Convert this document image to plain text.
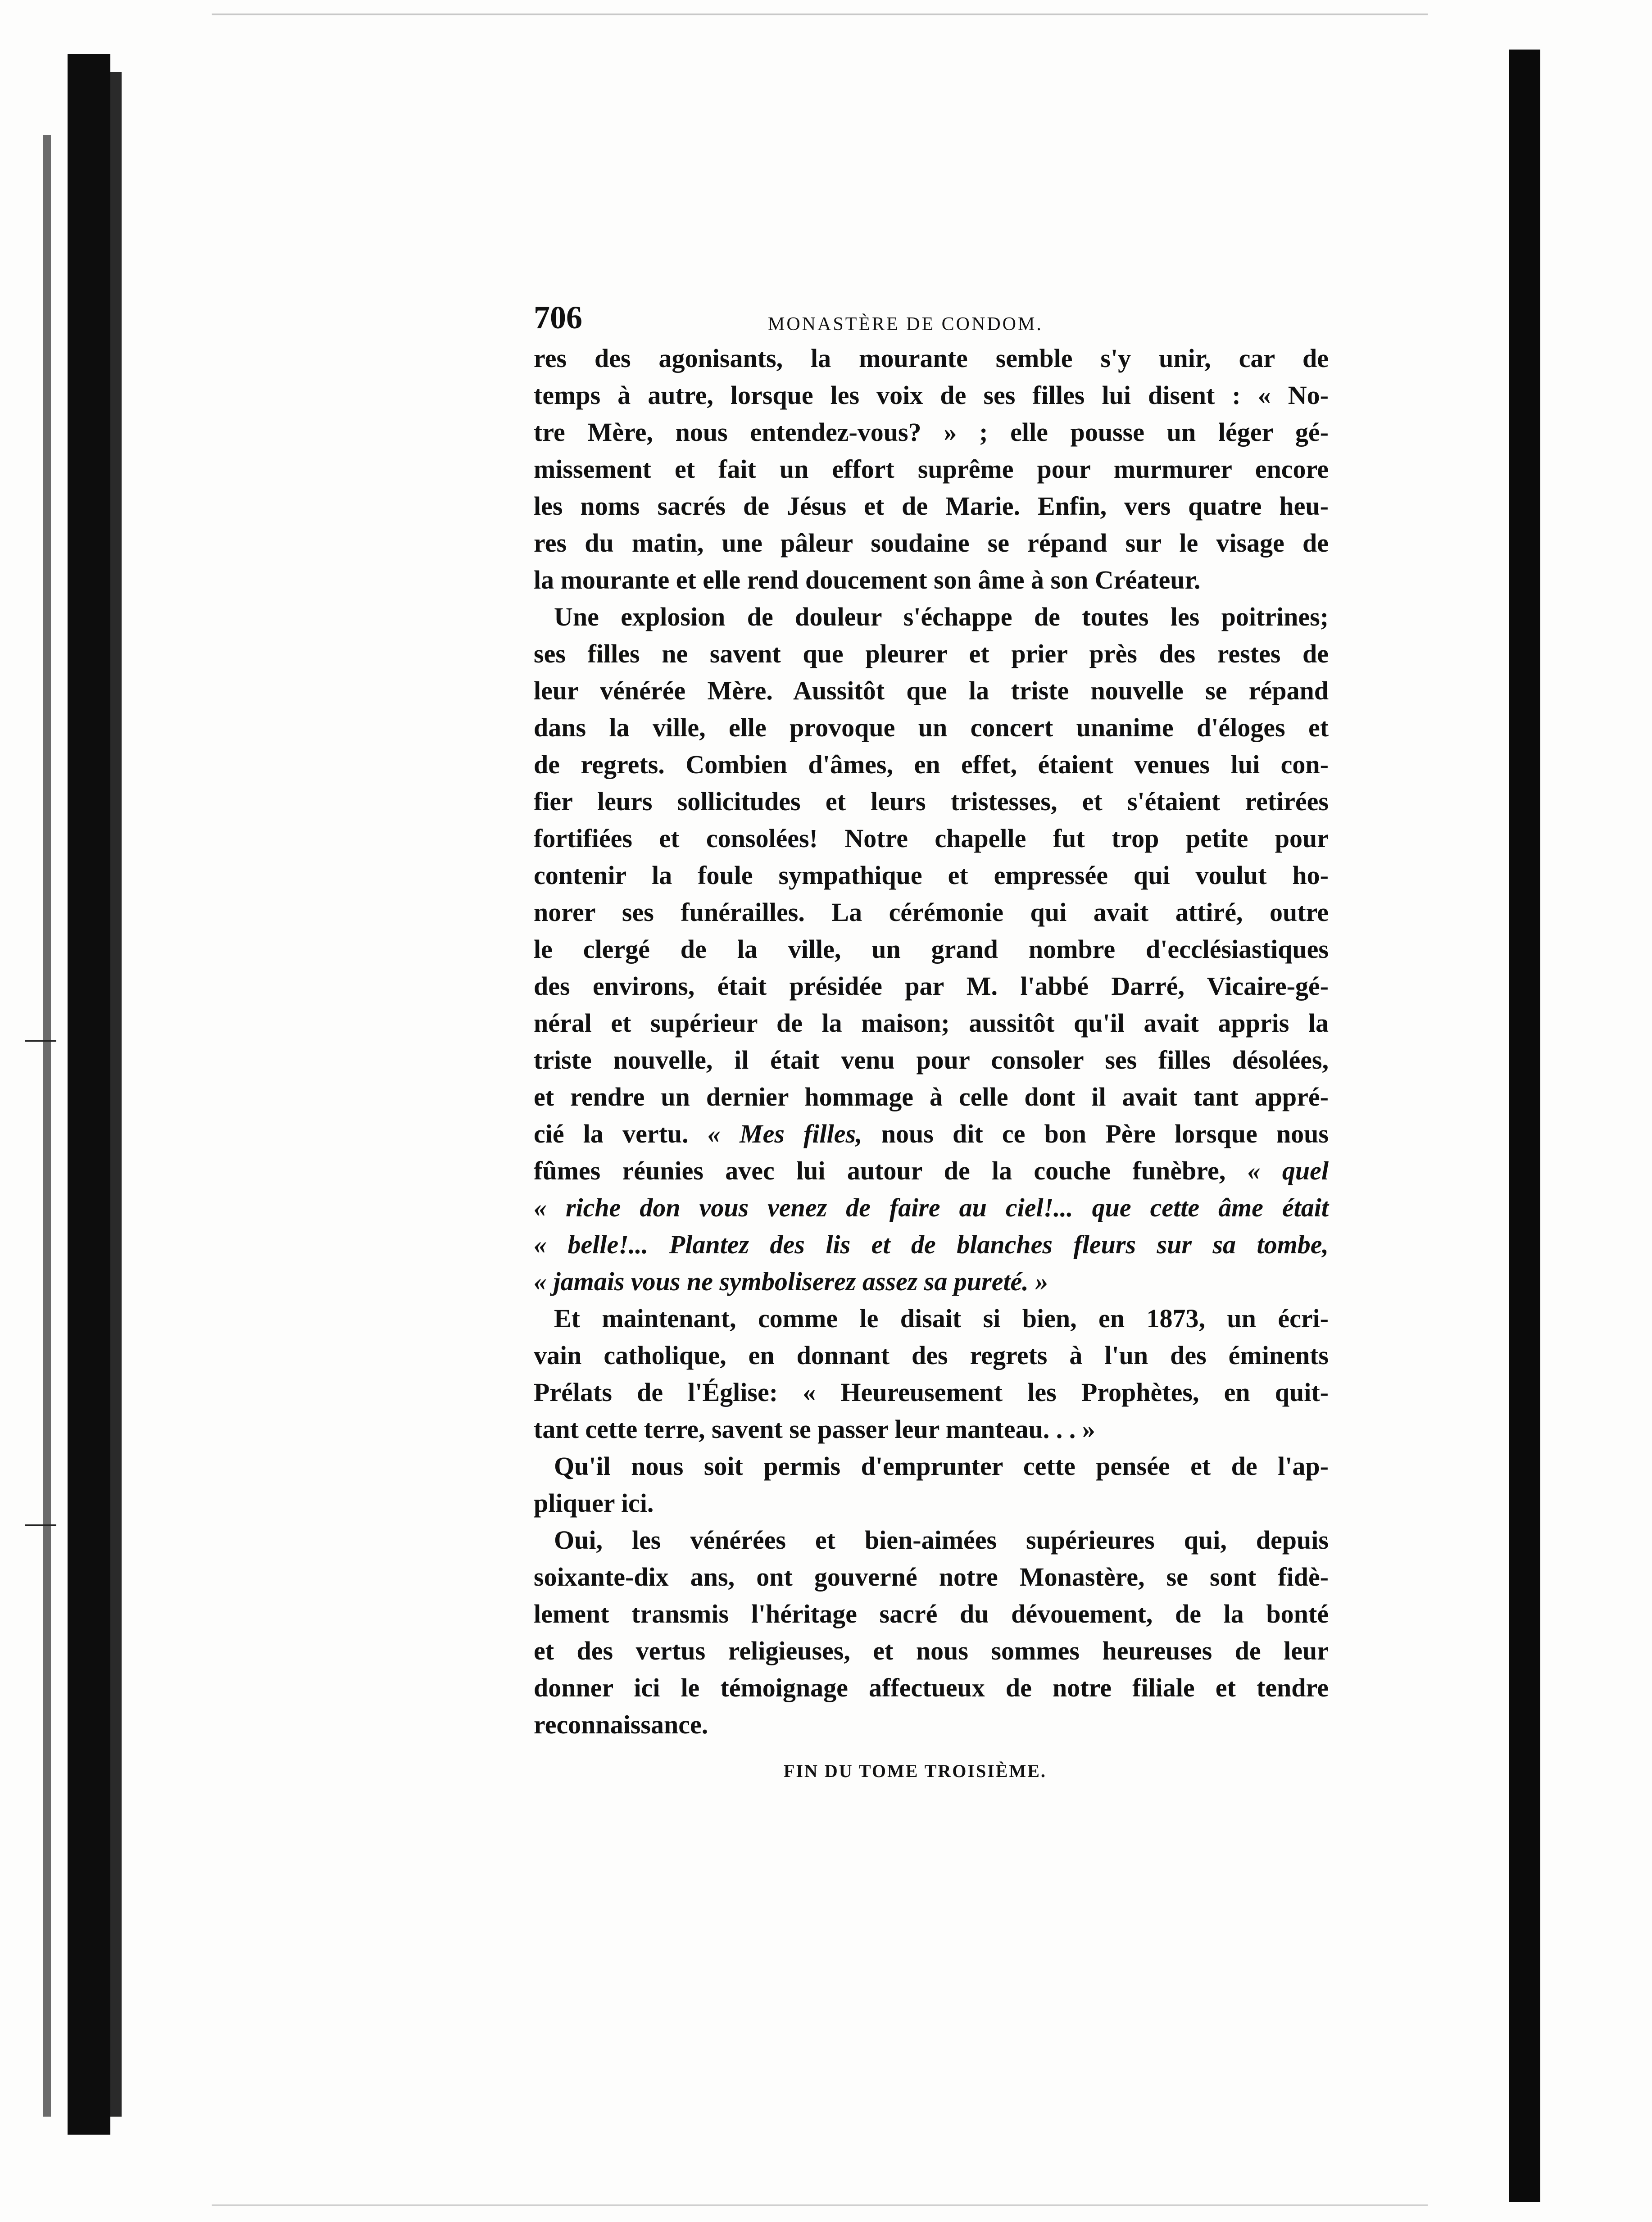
706	MONASTÈRE DE CONDOM.

res des agonisants, la mourante semble s'y unir, car de
temps à autre, lorsque les voix de ses filles lui disent : « No-
tre Mère, nous entendez-vous? » ; elle pousse un léger gé-
missement et fait un effort suprême pour murmurer encore
les noms sacrés de Jésus et de Marie. Enfin, vers quatre heu-
res du matin, une pâleur soudaine se répand sur le visage de
la mourante et elle rend doucement son âme à son Créateur.

Une explosion de douleur s'échappe de toutes les poitrines;
ses filles ne savent que pleurer et prier près des restes de
leur vénérée Mère. Aussitôt que la triste nouvelle se répand
dans la ville, elle provoque un concert unanime d'éloges et
de regrets. Combien d'âmes, en effet, étaient venues lui con-
fier leurs sollicitudes et leurs tristesses, et s'étaient retirées
fortifiées et consolées! Notre chapelle fut trop petite pour
contenir la foule sympathique et empressée qui voulut ho-
norer ses funérailles. La cérémonie qui avait attiré, outre
le clergé de la ville, un grand nombre d'ecclésiastiques
des environs, était présidée par M. l'abbé Darré, Vicaire-gé-
néral et supérieur de la maison; aussitôt qu'il avait appris la
triste nouvelle, il était venu pour consoler ses filles désolées,
et rendre un dernier hommage à celle dont il avait tant appré-
cié la vertu. « Mes filles, nous dit ce bon Père lorsque nous
fûmes réunies avec lui autour de la couche funèbre, « quel
« riche don vous venez de faire au ciel!... que cette âme était
« belle!... Plantez des lis et de blanches fleurs sur sa tombe,
« jamais vous ne symboliserez assez sa pureté. »

Et maintenant, comme le disait si bien, en 1873, un écri-
vain catholique, en donnant des regrets à l'un des éminents
Prélats de l'Église: « Heureusement les Prophètes, en quit-
tant cette terre, savent se passer leur manteau. . . »

Qu'il nous soit permis d'emprunter cette pensée et de l'ap-
pliquer ici.

Oui, les vénérées et bien-aimées supérieures qui, depuis
soixante-dix ans, ont gouverné notre Monastère, se sont fidè-
lement transmis l'héritage sacré du dévouement, de la bonté
et des vertus religieuses, et nous sommes heureuses de leur
donner ici le témoignage affectueux de notre filiale et tendre
reconnaissance.

FIN DU TOME TROISIÈME.
